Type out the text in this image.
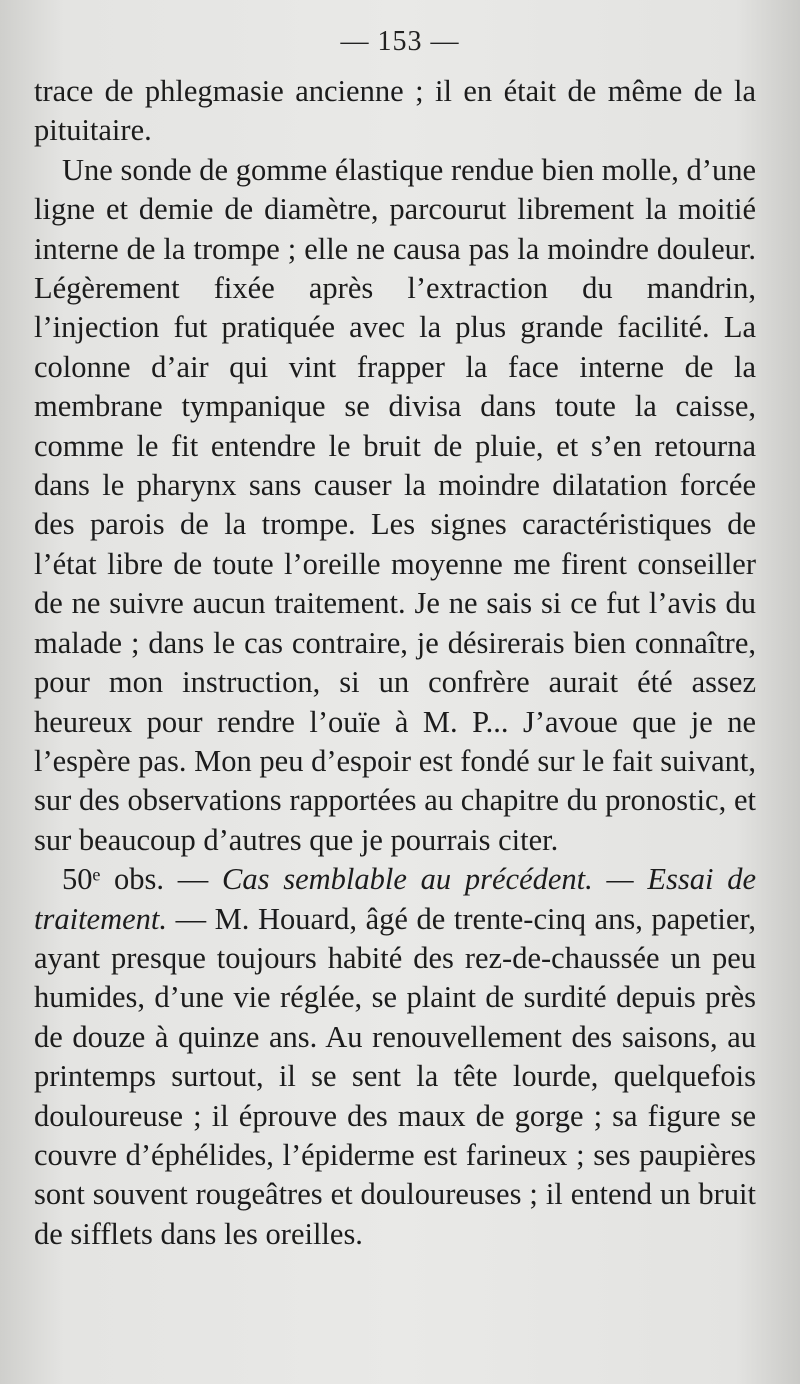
— 153 —

trace de phlegmasie ancienne ; il en était de même de la pituitaire.

Une sonde de gomme élastique rendue bien molle, d’une ligne et demie de diamètre, parcourut librement la moitié interne de la trompe ; elle ne causa pas la moindre douleur. Légèrement fixée après l’extraction du mandrin, l’injection fut pratiquée avec la plus grande facilité. La colonne d’air qui vint frapper la face interne de la membrane tympanique se divisa dans toute la caisse, comme le fit entendre le bruit de pluie, et s’en retourna dans le pharynx sans causer la moindre dilatation forcée des parois de la trompe. Les signes caractéristiques de l’état libre de toute l’oreille moyenne me firent conseiller de ne suivre aucun traitement. Je ne sais si ce fut l’avis du malade ; dans le cas contraire, je désirerais bien connaître, pour mon instruction, si un confrère aurait été assez heureux pour rendre l’ouïe à M. P... J’avoue que je ne l’espère pas. Mon peu d’espoir est fondé sur le fait suivant, sur des observations rapportées au chapitre du pronostic, et sur beaucoup d’autres que je pourrais citer.

50ᵉ obs. — Cas semblable au précédent. — Essai de traitement. — M. Houard, âgé de trente-cinq ans, papetier, ayant presque toujours habité des rez-de-chaussée un peu humides, d’une vie réglée, se plaint de surdité depuis près de douze à quinze ans. Au renouvellement des saisons, au printemps surtout, il se sent la tête lourde, quelquefois douloureuse ; il éprouve des maux de gorge ; sa figure se couvre d’éphélides, l’épiderme est farineux ; ses paupières sont souvent rougeâtres et douloureuses ; il entend un bruit de sifflets dans les oreilles.
